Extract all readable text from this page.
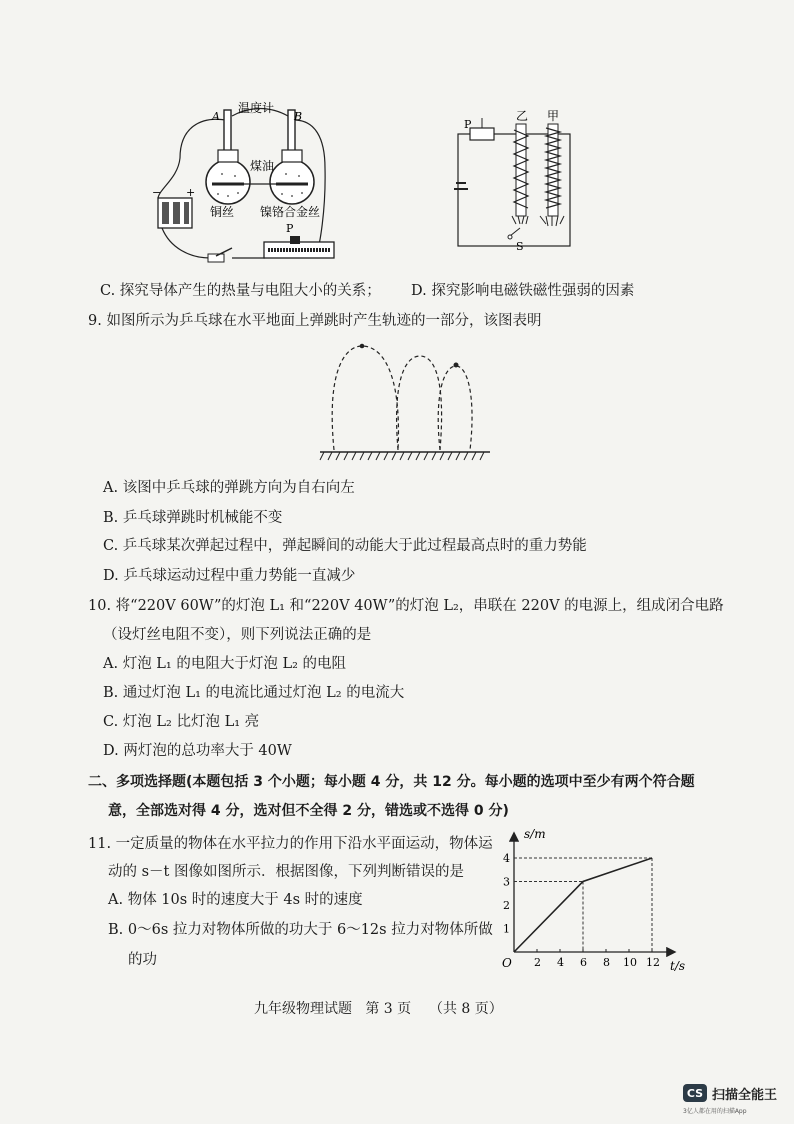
− +
温度计
A	B
煤油
铜丝 镍铬合金丝
P
P
乙 甲
S
C. 探究导体产生的热量与电阻大小的关系； D. 探究影响电磁铁磁性强弱的因素
9. 如图所示为乒乓球在水平地面上弹跳时产生轨迹的一部分，该图表明
A. 该图中乒乓球的弹跳方向为自右向左
B. 乒乓球弹跳时机械能不变
C. 乒乓球某次弹起过程中，弹起瞬间的动能大于此过程最高点时的重力势能
D. 乒乓球运动过程中重力势能一直减少
10. 将“220V 60W”的灯泡 L₁ 和“220V 40W”的灯泡 L₂，串联在 220V 的电源上，组成闭合电路
（设灯丝电阻不变），则下列说法正确的是
A. 灯泡 L₁ 的电阻大于灯泡 L₂ 的电阻
B. 通过灯泡 L₁ 的电流比通过灯泡 L₂ 的电流大
C. 灯泡 L₂ 比灯泡 L₁ 亮
D. 两灯泡的总功率大于 40W
二、多项选择题(本题包括 3 个小题；每小题 4 分，共 12 分。每小题的选项中至少有两个符合题
意，全部选对得 4 分，选对但不全得 2 分，错选或不选得 0 分)
11. 一定质量的物体在水平拉力的作用下沿水平面运动，物体运
动的 s－t 图像如图所示．根据图像，下列判断错误的是
A. 物体 10s 时的速度大于 4s 时的速度
B. 0～6s 拉力对物体所做的功大于 6～12s 拉力对物体所做
的功	2 4 6 8 10 12
1
2
3
4
s/m
t/s
O
九年级物理试题   第 3 页    （共 8 页）
CS 扫描全能王
3亿人都在用的扫描App
